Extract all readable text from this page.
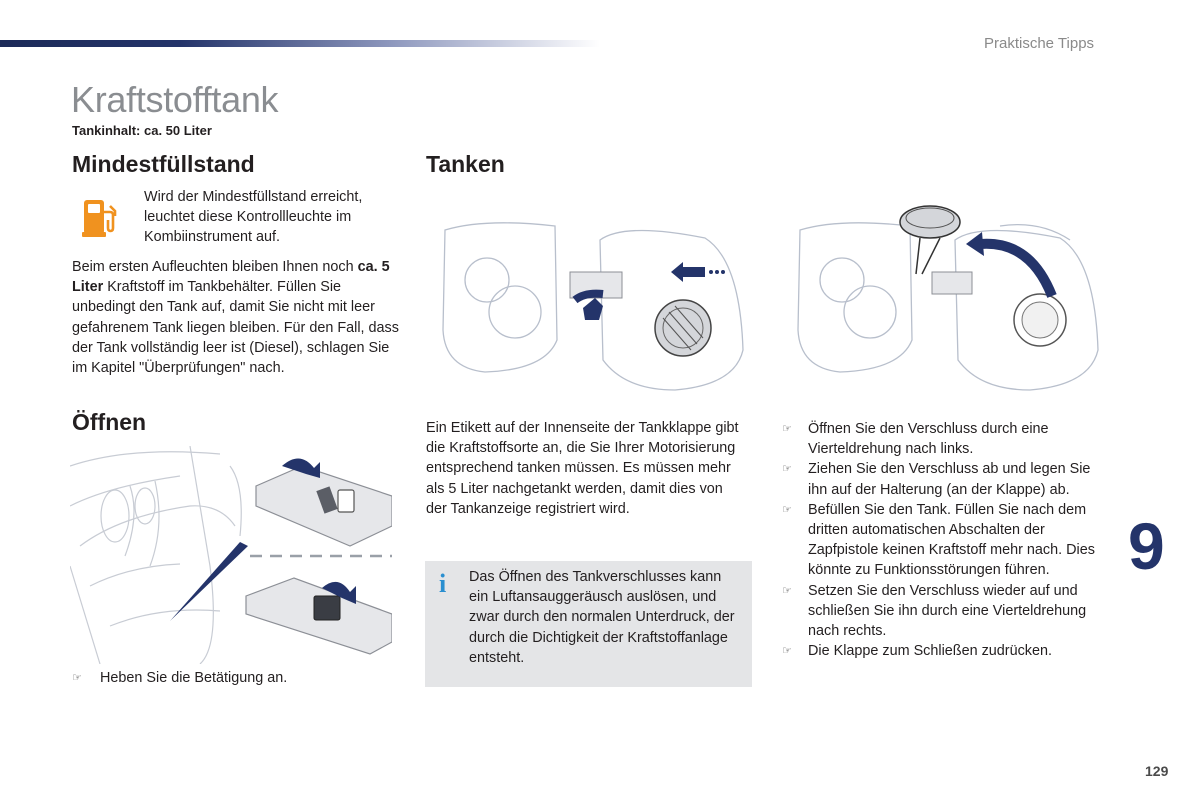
Praktische Tipps
Kraftstofftank
Tankinhalt: ca. 50 Liter
Mindestfüllstand
Wird der Mindestfüllstand erreicht, leuchtet diese Kontrollleuchte im Kombiinstrument auf.
Beim ersten Aufleuchten bleiben Ihnen noch ca. 5 Liter Kraftstoff im Tankbehälter. Füllen Sie unbedingt den Tank auf, damit Sie nicht mit leer gefahrenem Tank liegen bleiben. Für den Fall, dass der Tank vollständig leer ist (Diesel), schlagen Sie im Kapitel "Überprüfungen" nach.
Öffnen
☞	Heben Sie die Betätigung an.
Tanken
Ein Etikett auf der Innenseite der Tankklappe gibt die Kraftstoffsorte an, die Sie Ihrer Motorisierung entsprechend tanken müssen. Es müssen mehr als 5 Liter nachgetankt werden, damit dies von der Tankanzeige registriert wird.
i Das Öffnen des Tankverschlusses kann ein Luftansauggeräusch auslösen, und zwar durch den normalen Unterdruck, der durch die Dichtigkeit der Kraftstoffanlage entsteht.
☞	Öffnen Sie den Verschluss durch eine Vierteldrehung nach links.
☞	Ziehen Sie den Verschluss ab und legen Sie ihn auf der Halterung (an der Klappe) ab.
☞	Befüllen Sie den Tank. Füllen Sie nach dem dritten automatischen Abschalten der Zapfpistole keinen Kraftstoff mehr nach. Dies könnte zu Funktionsstörungen führen.
☞	Setzen Sie den Verschluss wieder auf und schließen Sie ihn durch eine Vierteldrehung nach rechts.
☞	Die Klappe zum Schließen zudrücken.
9
129
